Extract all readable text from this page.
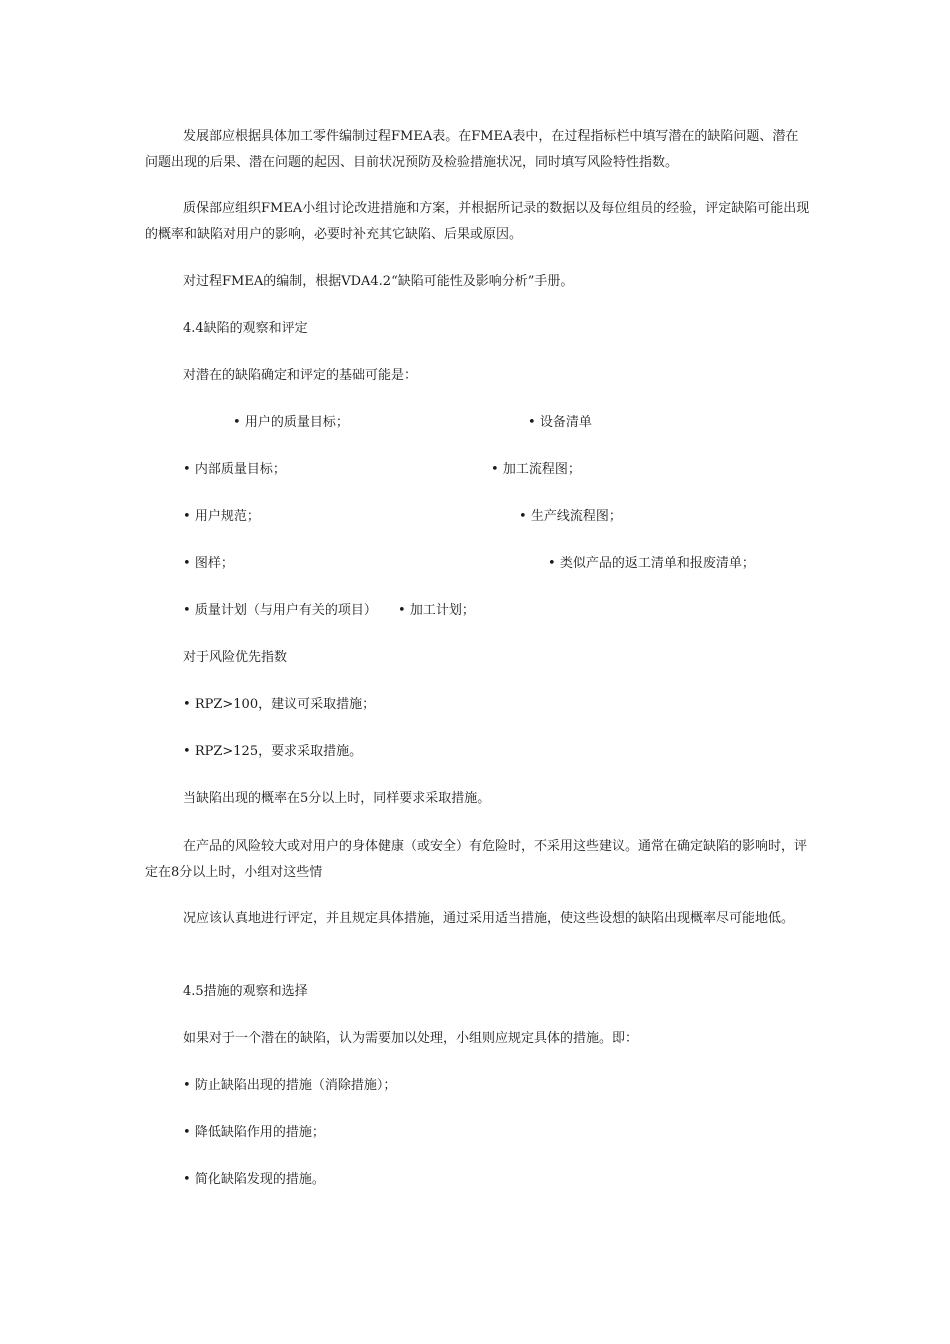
发展部应根据具体加工零件编制过程FMEA表。在FMEA表中，在过程指标栏中填写潜在的缺陷问题、潜在问题出现的后果、潜在问题的起因、目前状况预防及检验措施状况，同时填写风险特性指数。
质保部应组织FMEA小组讨论改进措施和方案，并根据所记录的数据以及每位组员的经验，评定缺陷可能出现的概率和缺陷对用户的影响，必要时补充其它缺陷、后果或原因。
对过程FMEA的编制，根据VDA4.2“缺陷可能性及影响分析”手册。
4.4缺陷的观察和评定
对潜在的缺陷确定和评定的基础可能是：
• 用户的质量目标；	• 设备清单
• 内部质量目标；	• 加工流程图；
• 用户规范；	• 生产线流程图；
• 图样；	• 类似产品的返工清单和报废清单；
• 质量计划（与用户有关的项目）	• 加工计划；
对于风险优先指数
• RPZ>100，建议可采取措施；
• RPZ>125，要求采取措施。
当缺陷出现的概率在5分以上时，同样要求采取措施。
在产品的风险较大或对用户的身体健康（或安全）有危险时，不采用这些建议。通常在确定缺陷的影响时，评定在8分以上时，小组对这些情
况应该认真地进行评定，并且规定具体措施，通过采用适当措施，使这些设想的缺陷出现概率尽可能地低。
4.5措施的观察和选择
如果对于一个潜在的缺陷，认为需要加以处理，小组则应规定具体的措施。即：
• 防止缺陷出现的措施（消除措施）；
• 降低缺陷作用的措施；
• 简化缺陷发现的措施。
